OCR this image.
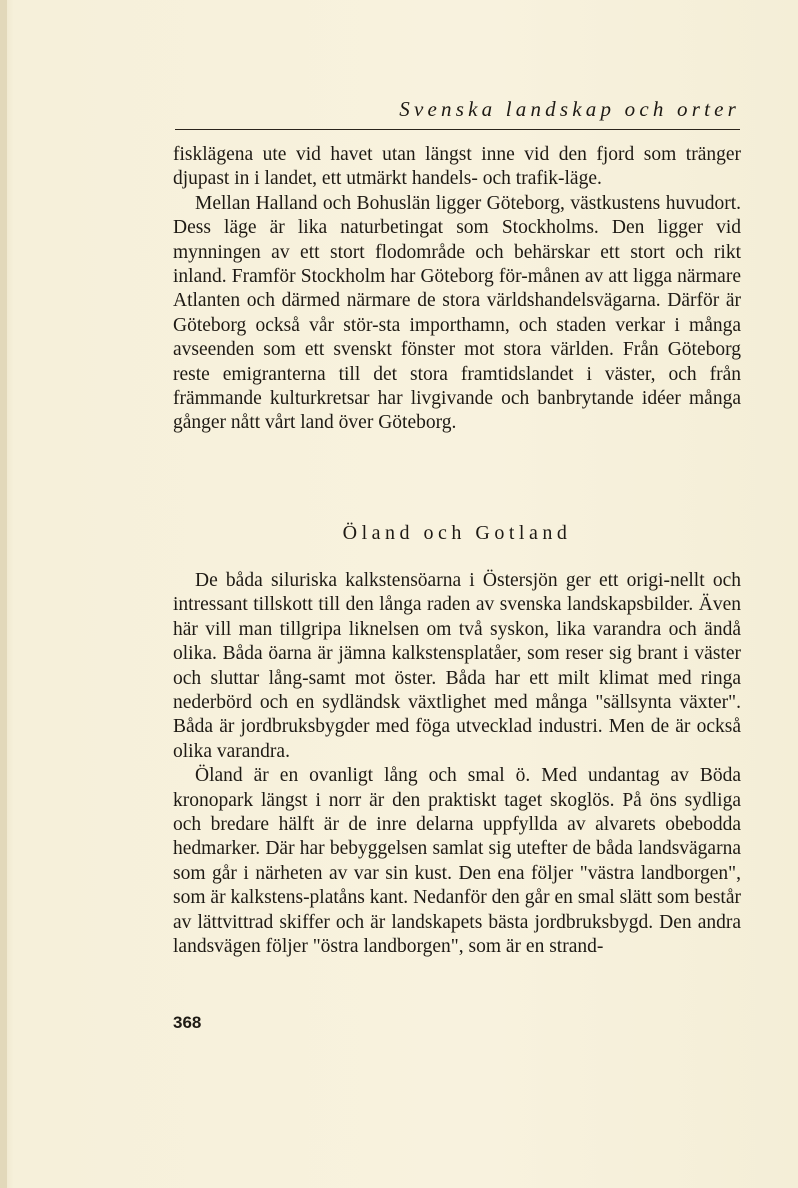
Svenska landskap och orter

fisklägena ute vid havet utan längst inne vid den fjord som tränger djupast in i landet, ett utmärkt handels- och trafik-läge.

Mellan Halland och Bohuslän ligger Göteborg, västkustens huvudort. Dess läge är lika naturbetingat som Stockholms. Den ligger vid mynningen av ett stort flodområde och behärskar ett stort och rikt inland. Framför Stockholm har Göteborg för-månen av att ligga närmare Atlanten och därmed närmare de stora världshandelsvägarna. Därför är Göteborg också vår stör-sta importhamn, och staden verkar i många avseenden som ett svenskt fönster mot stora världen. Från Göteborg reste emigranterna till det stora framtidslandet i väster, och från främmande kulturkretsar har livgivande och banbrytande idéer många gånger nått vårt land över Göteborg.

Öland och Gotland

De båda siluriska kalkstensöarna i Östersjön ger ett origi-nellt och intressant tillskott till den långa raden av svenska landskapsbilder. Även här vill man tillgripa liknelsen om två syskon, lika varandra och ändå olika. Båda öarna är jämna kalkstensplatåer, som reser sig brant i väster och sluttar lång-samt mot öster. Båda har ett milt klimat med ringa nederbörd och en sydländsk växtlighet med många "sällsynta växter". Båda är jordbruksbygder med föga utvecklad industri. Men de är också olika varandra.

Öland är en ovanligt lång och smal ö. Med undantag av Böda kronopark längst i norr är den praktiskt taget skoglös. På öns sydliga och bredare hälft är de inre delarna uppfyllda av alvarets obebodda hedmarker. Där har bebyggelsen samlat sig utefter de båda landsvägarna som går i närheten av var sin kust. Den ena följer "västra landborgen", som är kalkstens-platåns kant. Nedanför den går en smal slätt som består av lättvittrad skiffer och är landskapets bästa jordbruksbygd. Den andra landsvägen följer "östra landborgen", som är en strand-

368
